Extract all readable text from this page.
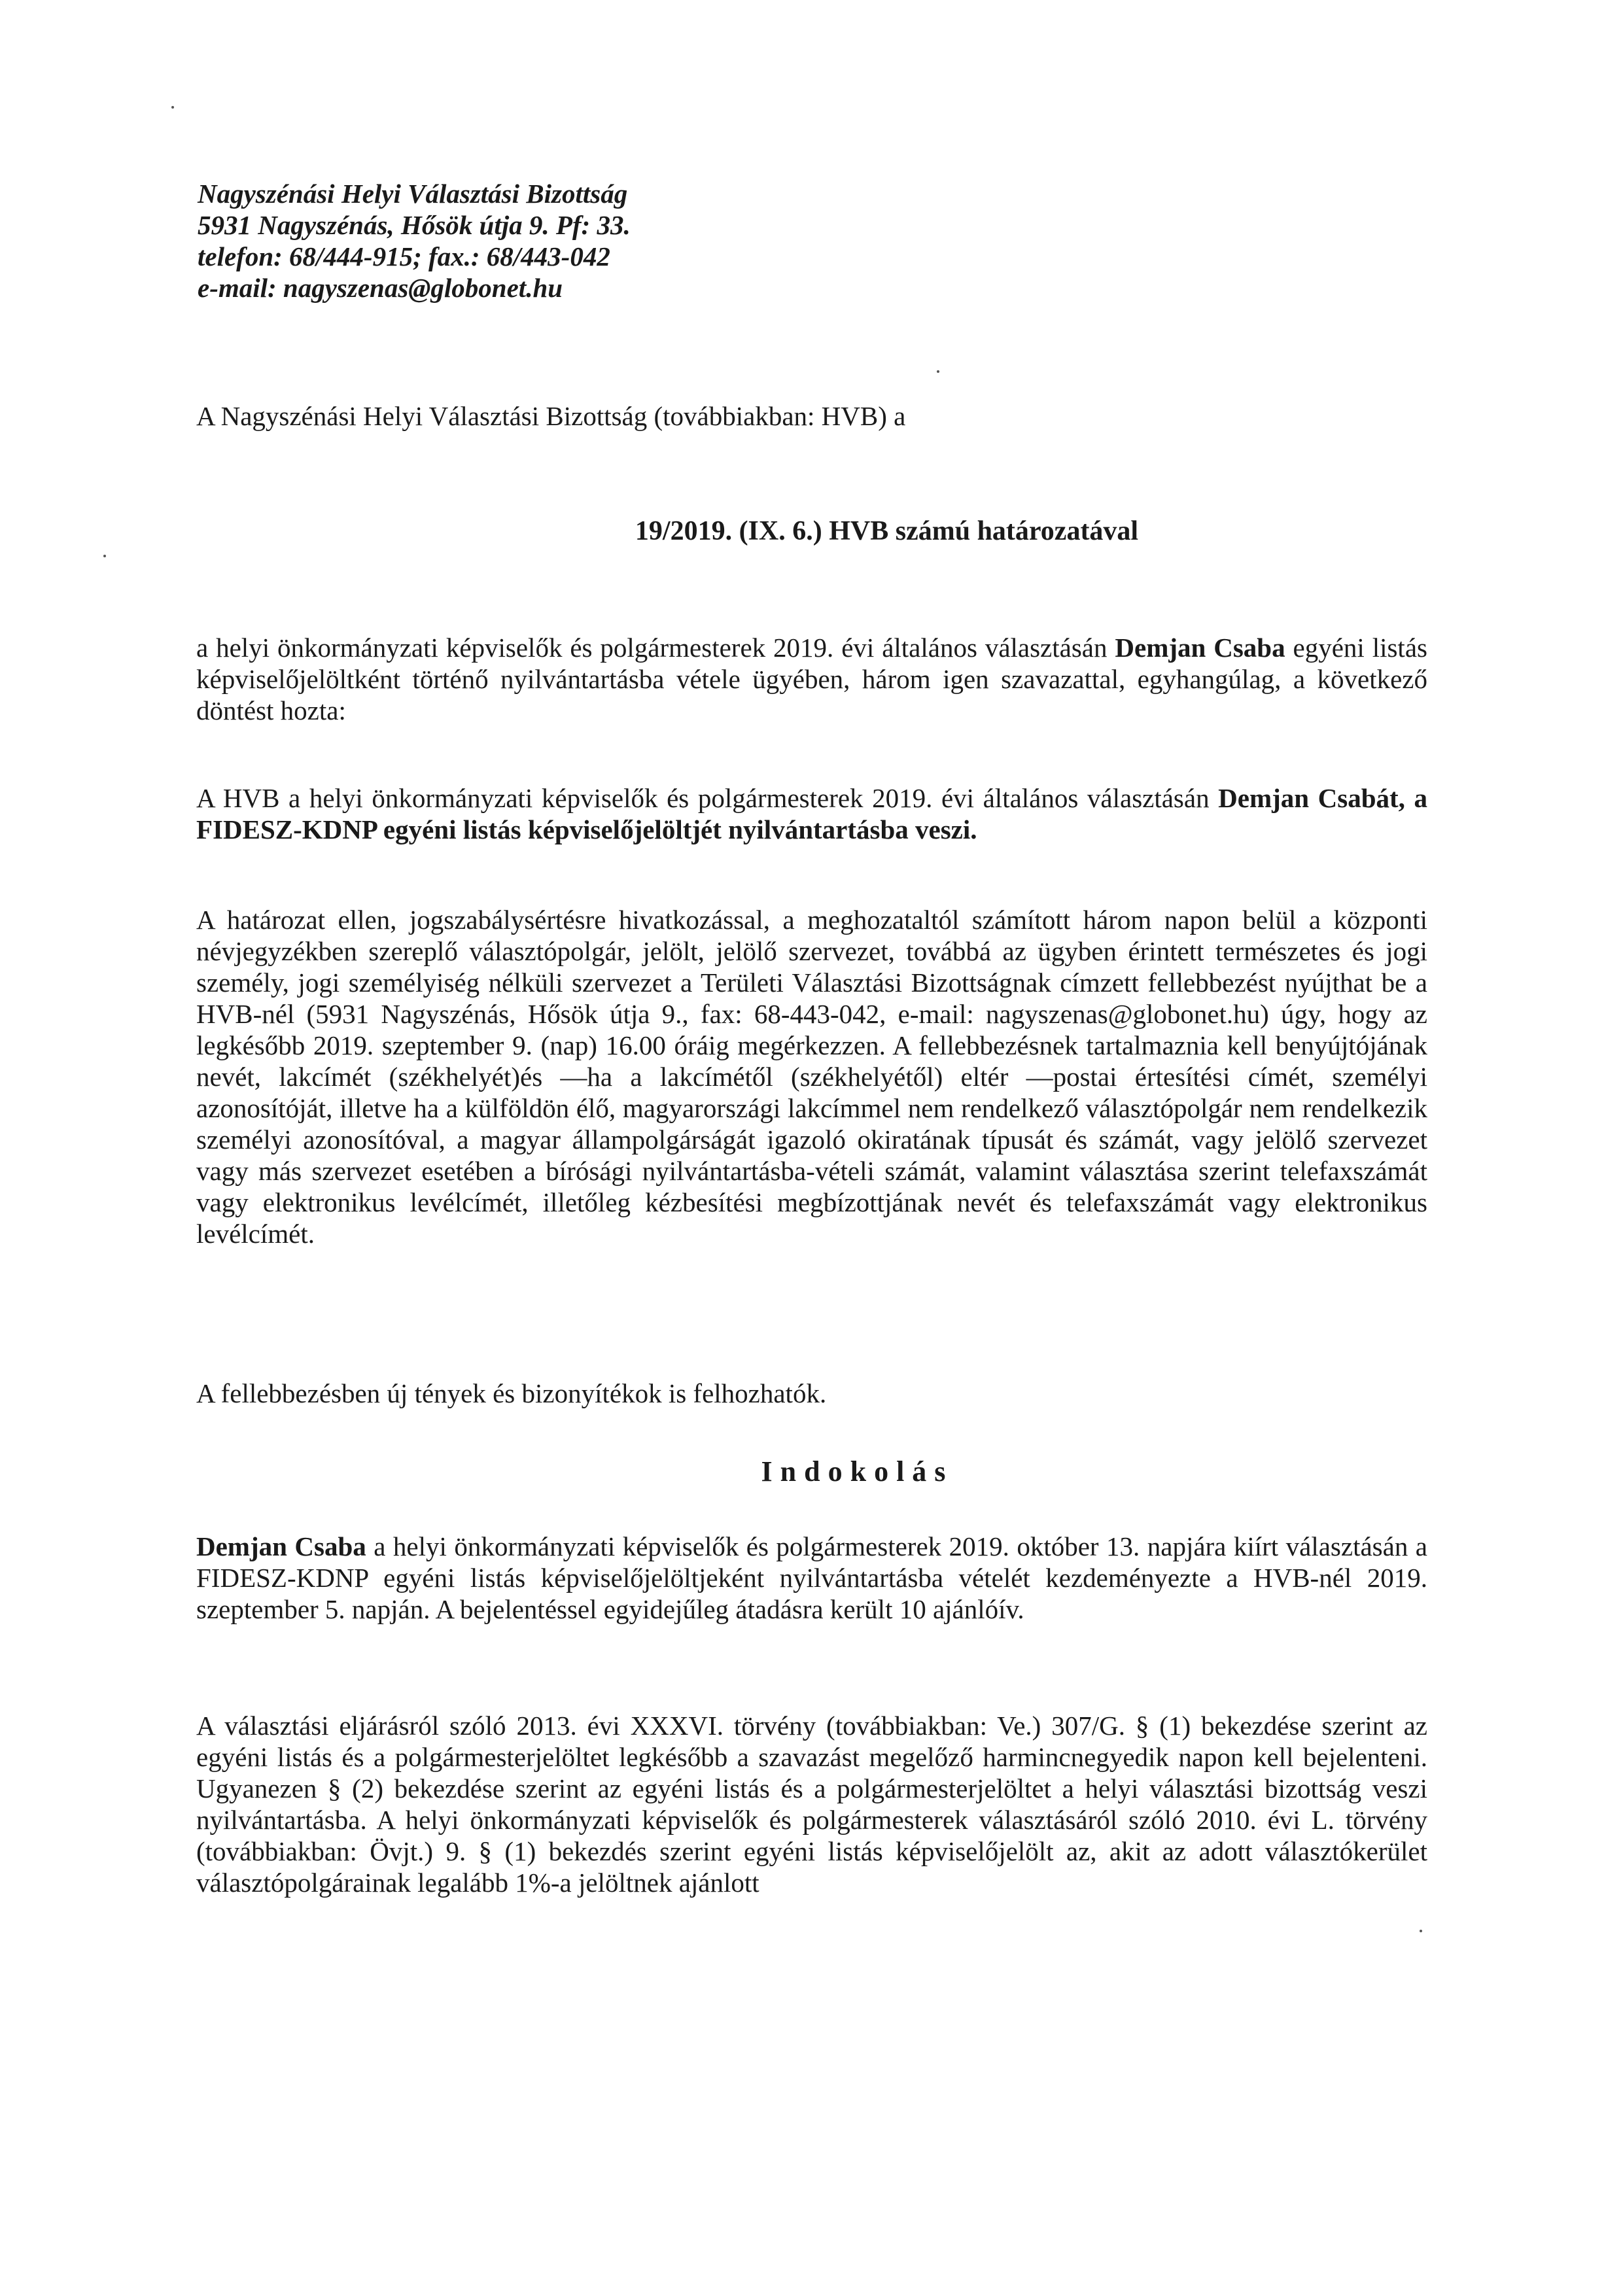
Nagyszénási Helyi Választási Bizottság
5931 Nagyszénás, Hősök útja 9. Pf: 33.
telefon: 68/444-915; fax.: 68/443-042
e-mail: nagyszenas@globonet.hu
A Nagyszénási Helyi Választási Bizottság (továbbiakban: HVB) a
19/2019. (IX. 6.) HVB számú határozatával
a helyi önkormányzati képviselők és polgármesterek 2019. évi általános választásán Demjan Csaba egyéni listás képviselőjelöltként történő nyilvántartásba vétele ügyében, három igen szavazattal, egyhangúlag, a következő döntést hozta:
A HVB a helyi önkormányzati képviselők és polgármesterek 2019. évi általános választásán Demjan Csabát, a FIDESZ-KDNP egyéni listás képviselőjelöltjét nyilvántartásba veszi.
A határozat ellen, jogszabálysértésre hivatkozással, a meghozataltól számított három napon belül a központi névjegyzékben szereplő választópolgár, jelölt, jelölő szervezet, továbbá az ügyben érintett természetes és jogi személy, jogi személyiség nélküli szervezet a Területi Választási Bizottságnak címzett fellebbezést nyújthat be a HVB-nél (5931 Nagyszénás, Hősök útja 9., fax: 68-443-042, e-mail: nagyszenas@globonet.hu) úgy, hogy az legkésőbb 2019. szeptember 9. (nap) 16.00 óráig megérkezzen. A fellebbezésnek tartalmaznia kell benyújtójának nevét, lakcímét (székhelyét)és —ha a lakcímétől (székhelyétől) eltér —postai értesítési címét, személyi azonosítóját, illetve ha a külföldön élő, magyarországi lakcímmel nem rendelkező választópolgár nem rendelkezik személyi azonosítóval, a magyar állampolgárságát igazoló okiratának típusát és számát, vagy jelölő szervezet vagy más szervezet esetében a bírósági nyilvántartásba-vételi számát, valamint választása szerint telefaxszámát vagy elektronikus levélcímét, illetőleg kézbesítési megbízottjának nevét és telefaxszámát vagy elektronikus levélcímét.
A fellebbezésben új tények és bizonyítékok is felhozhatók.
Indokolás
Demjan Csaba a helyi önkormányzati képviselők és polgármesterek 2019. október 13. napjára kiírt választásán a FIDESZ-KDNP egyéni listás képviselőjelöltjeként nyilvántartásba vételét kezdeményezte a HVB-nél 2019. szeptember 5. napján. A bejelentéssel egyidejűleg átadásra került 10 ajánlóív.
A választási eljárásról szóló 2013. évi XXXVI. törvény (továbbiakban: Ve.) 307/G. § (1) bekezdése szerint az egyéni listás és a polgármesterjelöltet legkésőbb a szavazást megelőző harmincnegyedik napon kell bejelenteni. Ugyanezen § (2) bekezdése szerint az egyéni listás és a polgármesterjelöltet a helyi választási bizottság veszi nyilvántartásba. A helyi önkormányzati képviselők és polgármesterek választásáról szóló 2010. évi L. törvény (továbbiakban: Övjt.) 9. § (1) bekezdés szerint egyéni listás képviselőjelölt az, akit az adott választókerület választópolgárainak legalább 1%-a jelöltnek ajánlott
